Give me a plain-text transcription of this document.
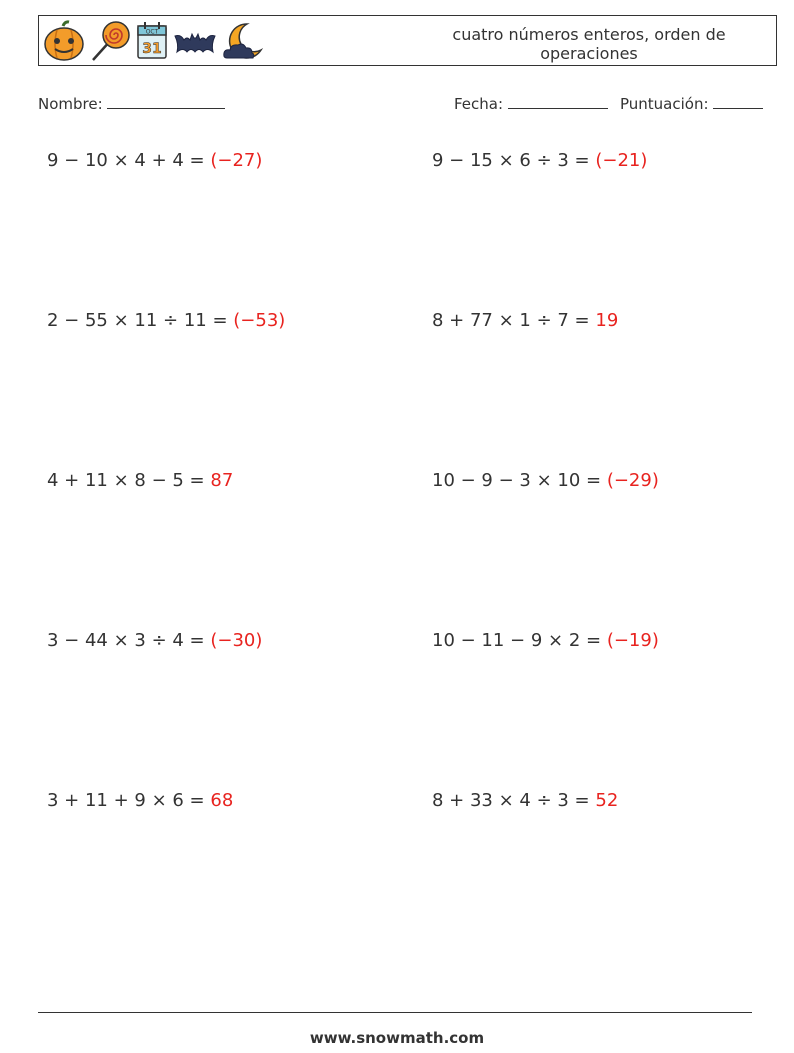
OCT
31
cuatro números enteros, orden de operaciones
Nombre:	Fecha:	Puntuación:
9 − 10 × 4 + 4 = (−27)	9 − 15 × 6 ÷ 3 = (−21)
2 − 55 × 11 ÷ 11 = (−53)	8 + 77 × 1 ÷ 7 = 19
4 + 11 × 8 − 5 = 87	10 − 9 − 3 × 10 = (−29)
3 − 44 × 3 ÷ 4 = (−30)	10 − 11 − 9 × 2 = (−19)
3 + 11 + 9 × 6 = 68	8 + 33 × 4 ÷ 3 = 52
www.snowmath.com
